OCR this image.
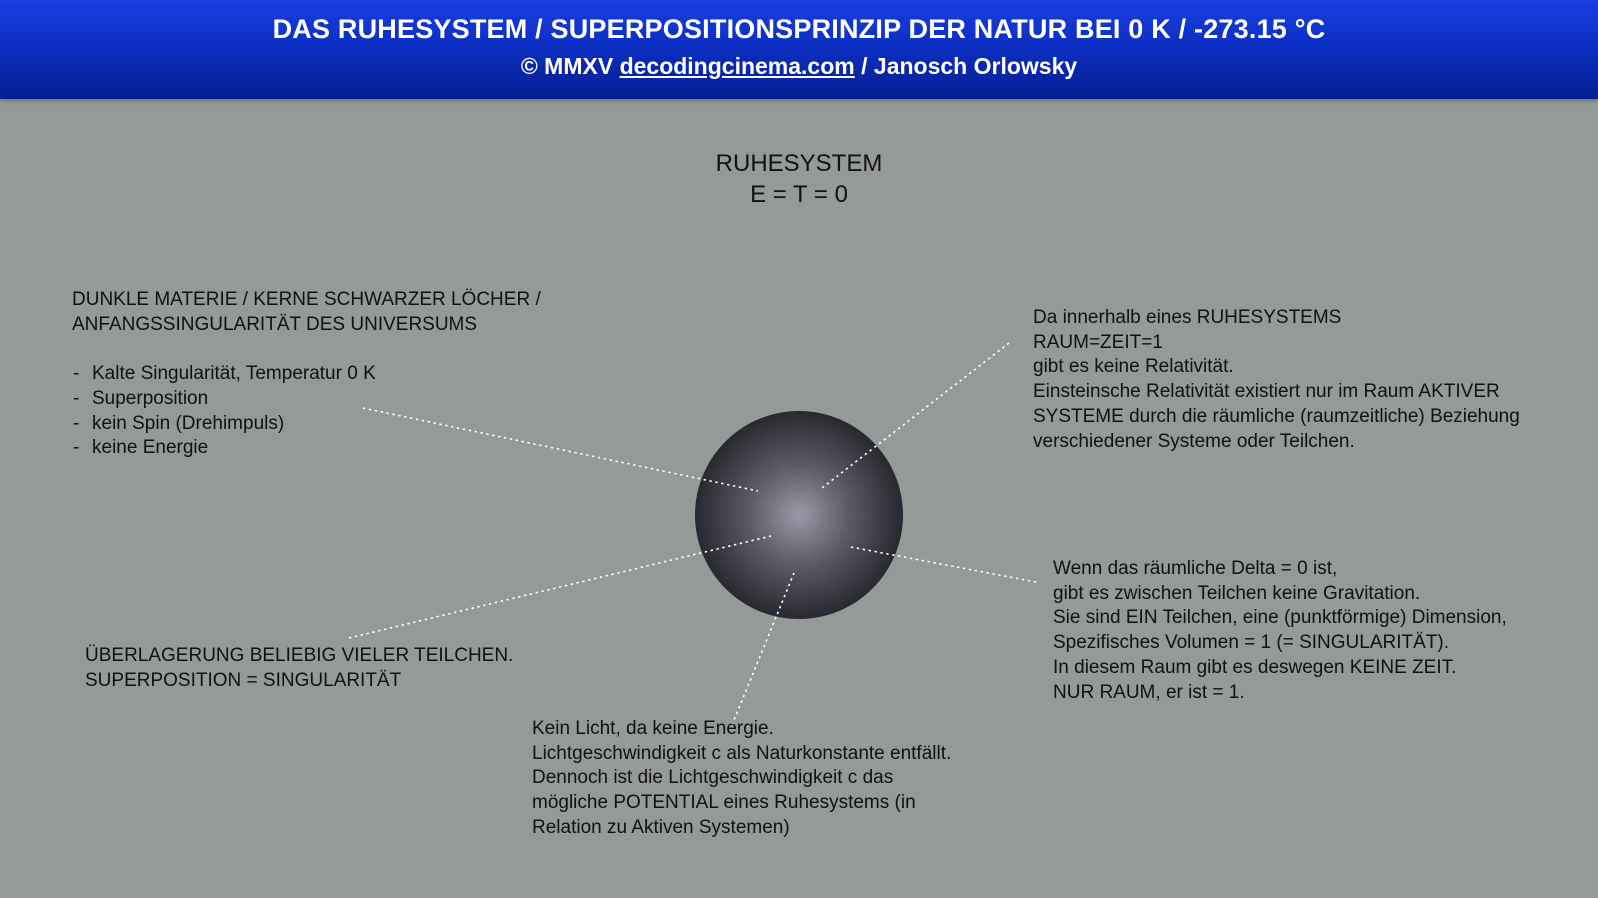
DAS RUHESYSTEM / SUPERPOSITIONSPRINZIP DER NATUR BEI 0 K / -273.15 °C
© MMXV decodingcinema.com / Janosch Orlowsky
RUHESYSTEM
E = T = 0
DUNKLE MATERIE / KERNE SCHWARZER LÖCHER /
ANFANGSSINGULARITÄT DES UNIVERSUMS
- Kalte Singularität, Temperatur 0 K
- Superposition
- kein Spin (Drehimpuls)
- keine Energie
Da innerhalb eines RUHESYSTEMS
RAUM=ZEIT=1
gibt es keine Relativität.
Einsteinsche Relativität existiert nur im Raum AKTIVER
SYSTEME durch die räumliche (raumzeitliche) Beziehung
verschiedener Systeme oder Teilchen.
Wenn das räumliche Delta = 0 ist,
gibt es zwischen Teilchen keine Gravitation.
Sie sind EIN Teilchen, eine (punktförmige) Dimension,
Spezifisches Volumen = 1 (= SINGULARITÄT).
In diesem Raum gibt es deswegen KEINE ZEIT.
NUR RAUM, er ist = 1.
ÜBERLAGERUNG BELIEBIG VIELER TEILCHEN.
SUPERPOSITION = SINGULARITÄT
Kein Licht, da keine Energie.
Lichtgeschwindigkeit c als Naturkonstante entfällt.
Dennoch ist die Lichtgeschwindigkeit c das
mögliche POTENTIAL eines Ruhesystems (in
Relation zu Aktiven Systemen)
